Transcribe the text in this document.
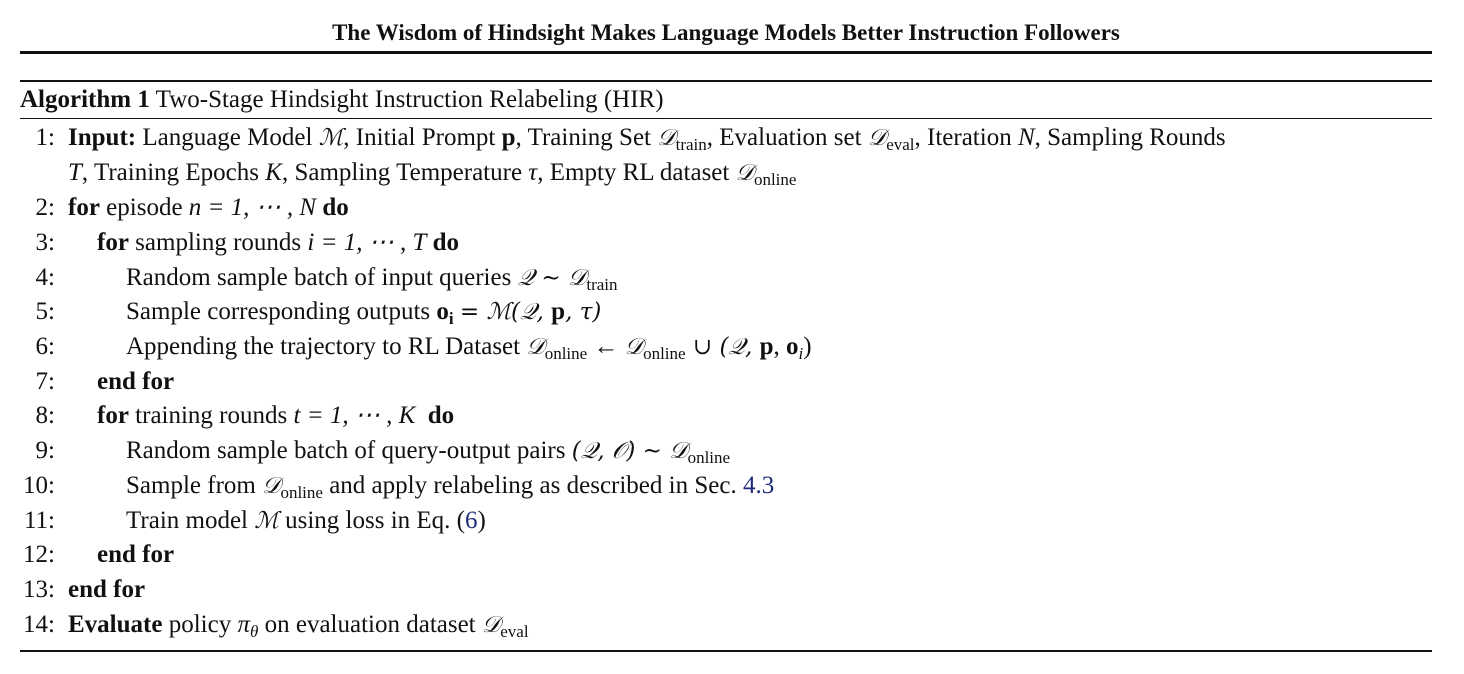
The Wisdom of Hindsight Makes Language Models Better Instruction Followers
Algorithm 1 Two-Stage Hindsight Instruction Relabeling (HIR)
1: Input: Language Model ℳ, Initial Prompt p, Training Set 𝒟$_{train}$, Evaluation set 𝒟$_{eval}$, Iteration N, Sampling Rounds
T, Training Epochs K, Sampling Temperature τ, Empty RL dataset 𝒟$_{online}$
2: for episode n = 1, ⋯ , N do
3: for sampling rounds i = 1, ⋯ , T do
4:	Random sample batch of input queries 𝒬 ∼ 𝒟$_{train}$
5:	Sample corresponding outputs $o_i$ = ℳ(𝒬, p, τ)
6:	Appending the trajectory to RL Dataset 𝒟$_{online}$ ← 𝒟$_{online}$ ∪ (𝒬, p, $o_i$)
7: end for
8: for training rounds t = 1, ⋯ , K do
9:	Random sample batch of query-output pairs (𝒬, 𝒪) ∼ 𝒟$_{online}$
10:	Sample from 𝒟$_{online}$ and apply relabeling as described in Sec. 4.3
11:	Train model ℳ using loss in Eq. (6)
12: end for
13: end for
14: Evaluate policy $\pi_\theta$ on evaluation dataset 𝒟$_{eval}$
